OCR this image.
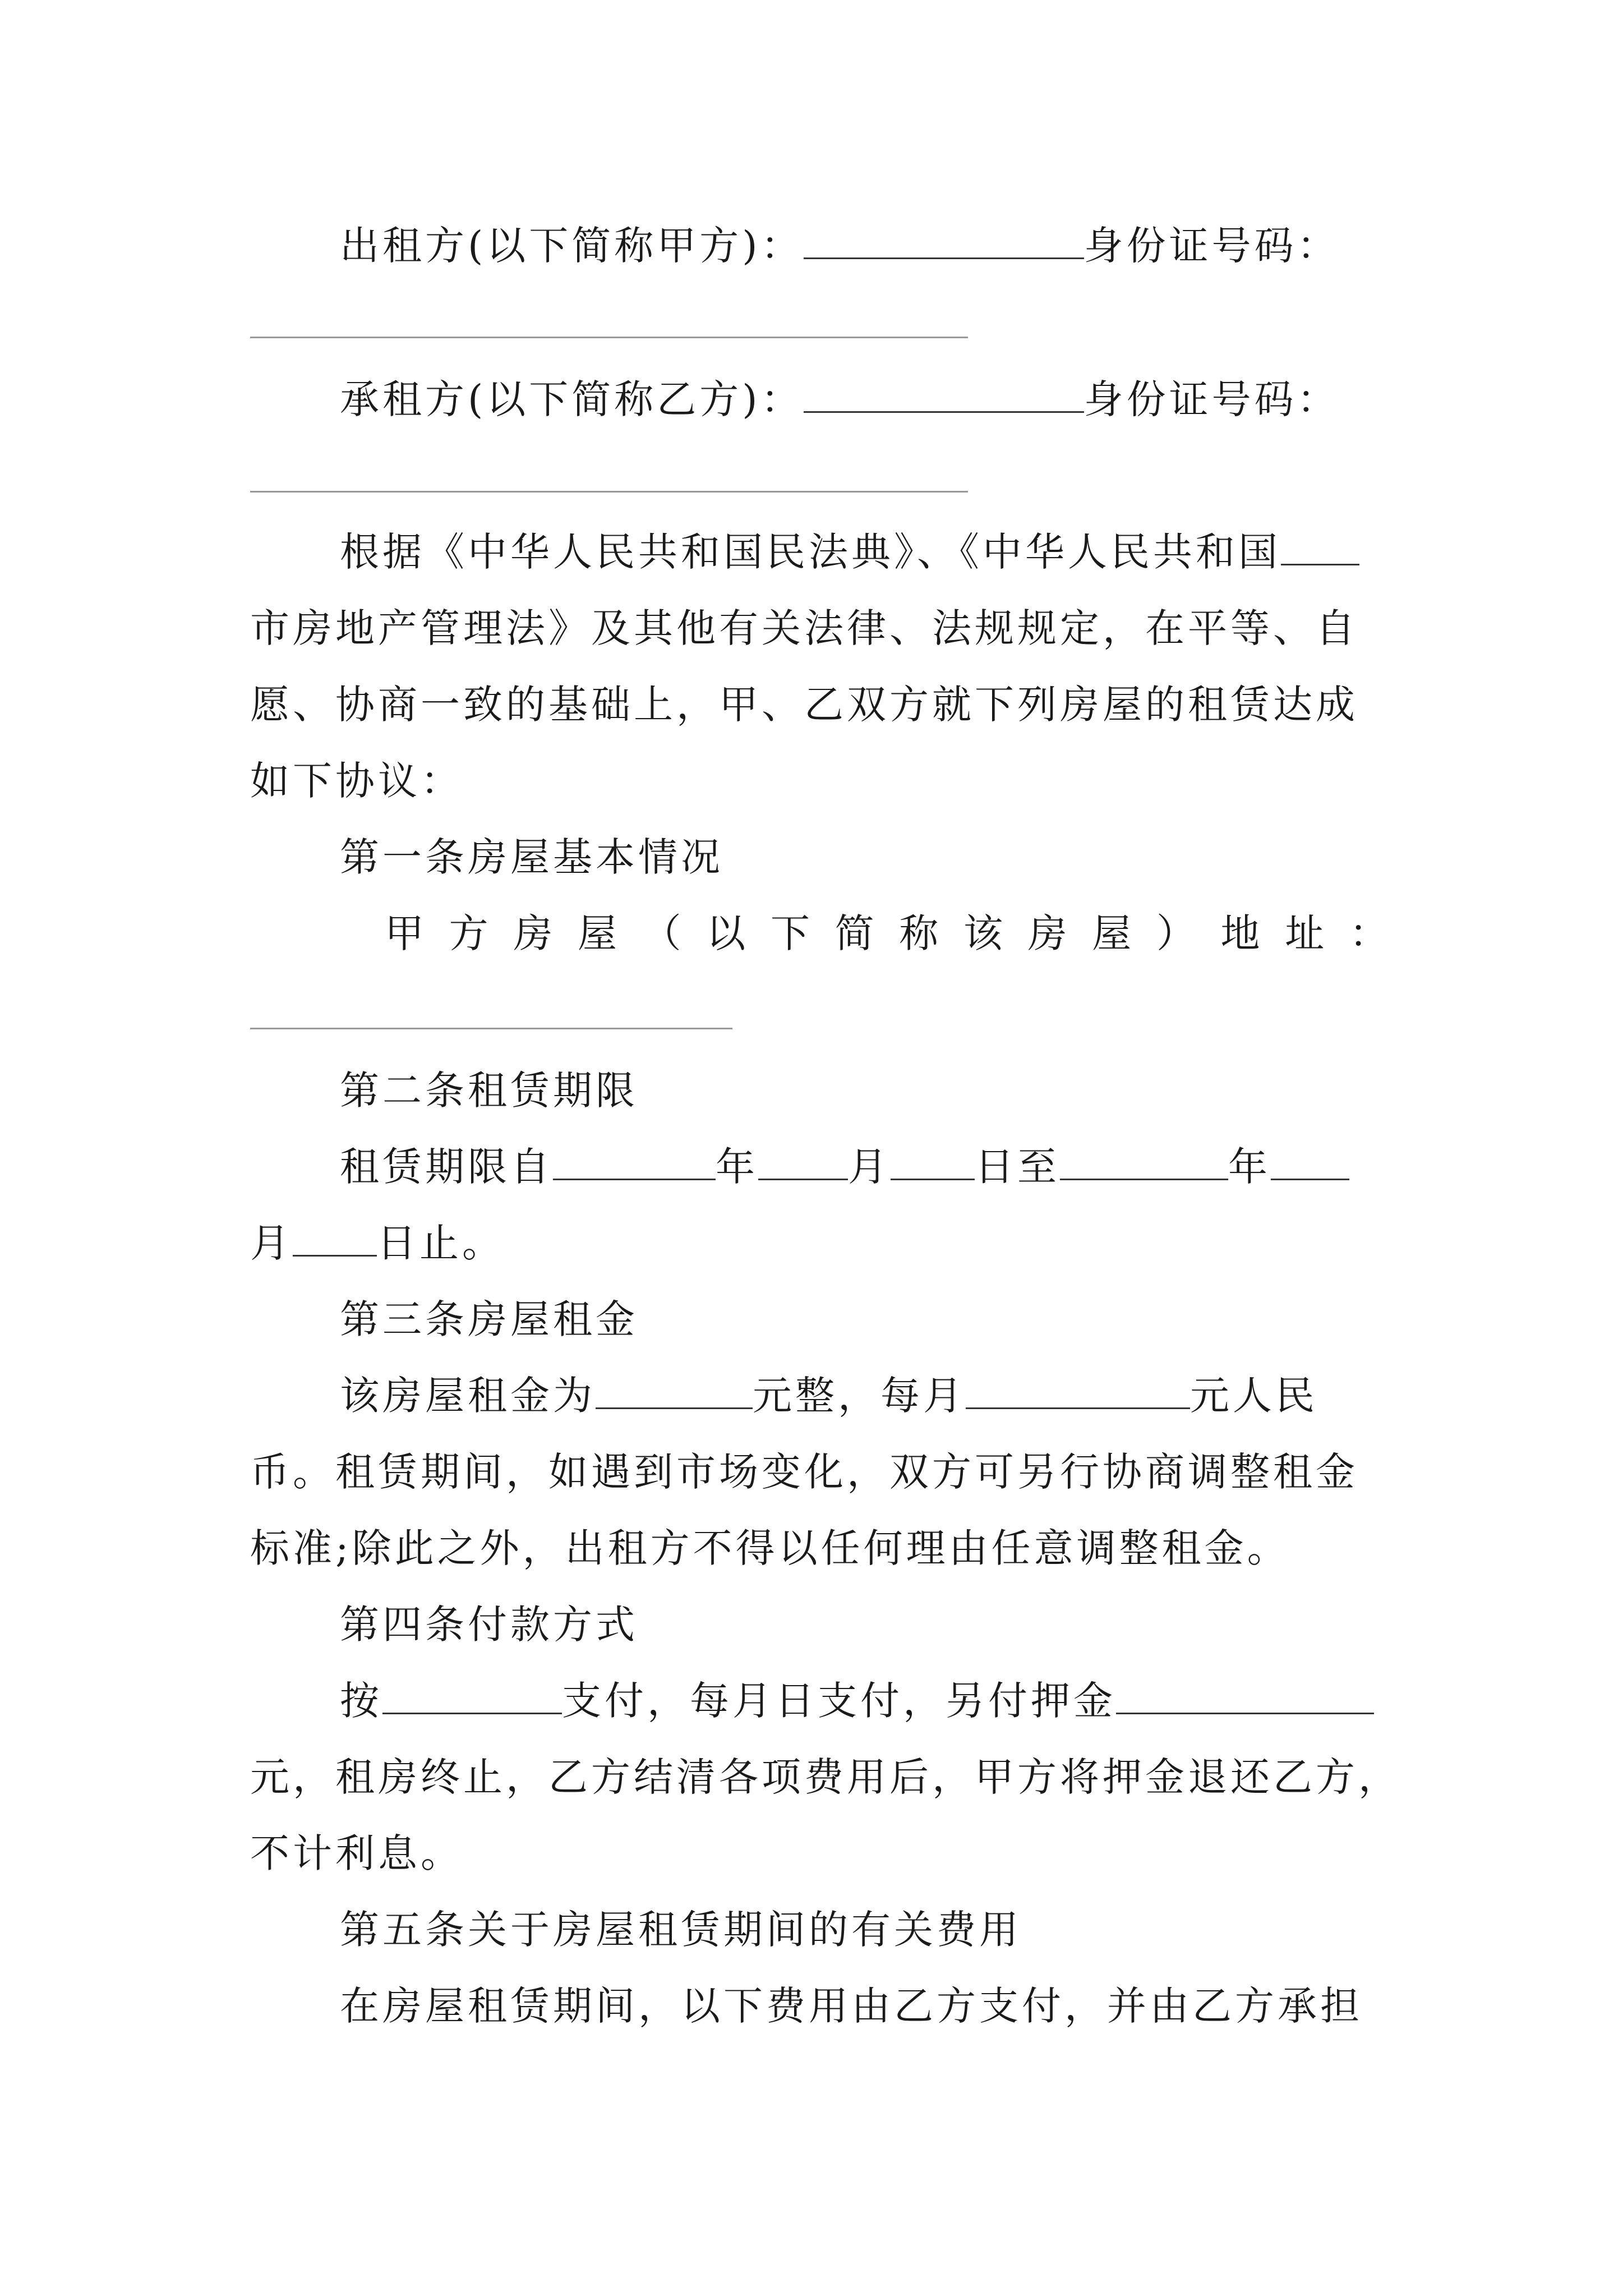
出租方(以下简称甲方)：	身份证号码：
承租方(以下简称乙方)：	身份证号码：
根据《中华人民共和国民法典》、《中华人民共和国
市房地产管理法》及其他有关法律、法规规定，在平等、自
愿、协商一致的基础上，甲、乙双方就下列房屋的租赁达成
如下协议：
第一条房屋基本情况
甲 方 房 屋 （ 以 下 简 称 该 房 屋 ） 地 址 ：
第二条租赁期限
租赁期限自	年 月 日至	年
月 日止。
第三条房屋租金
该房屋租金为	元整，每月	元人民
币。租赁期间，如遇到市场变化，双方可另行协商调整租金
标准;除此之外，出租方不得以任何理由任意调整租金。
第四条付款方式
按	支付，每月日支付，另付押金
元，租房终止，乙方结清各项费用后，甲方将押金退还乙方，
不计利息。
第五条关于房屋租赁期间的有关费用
在房屋租赁期间，以下费用由乙方支付，并由乙方承担
